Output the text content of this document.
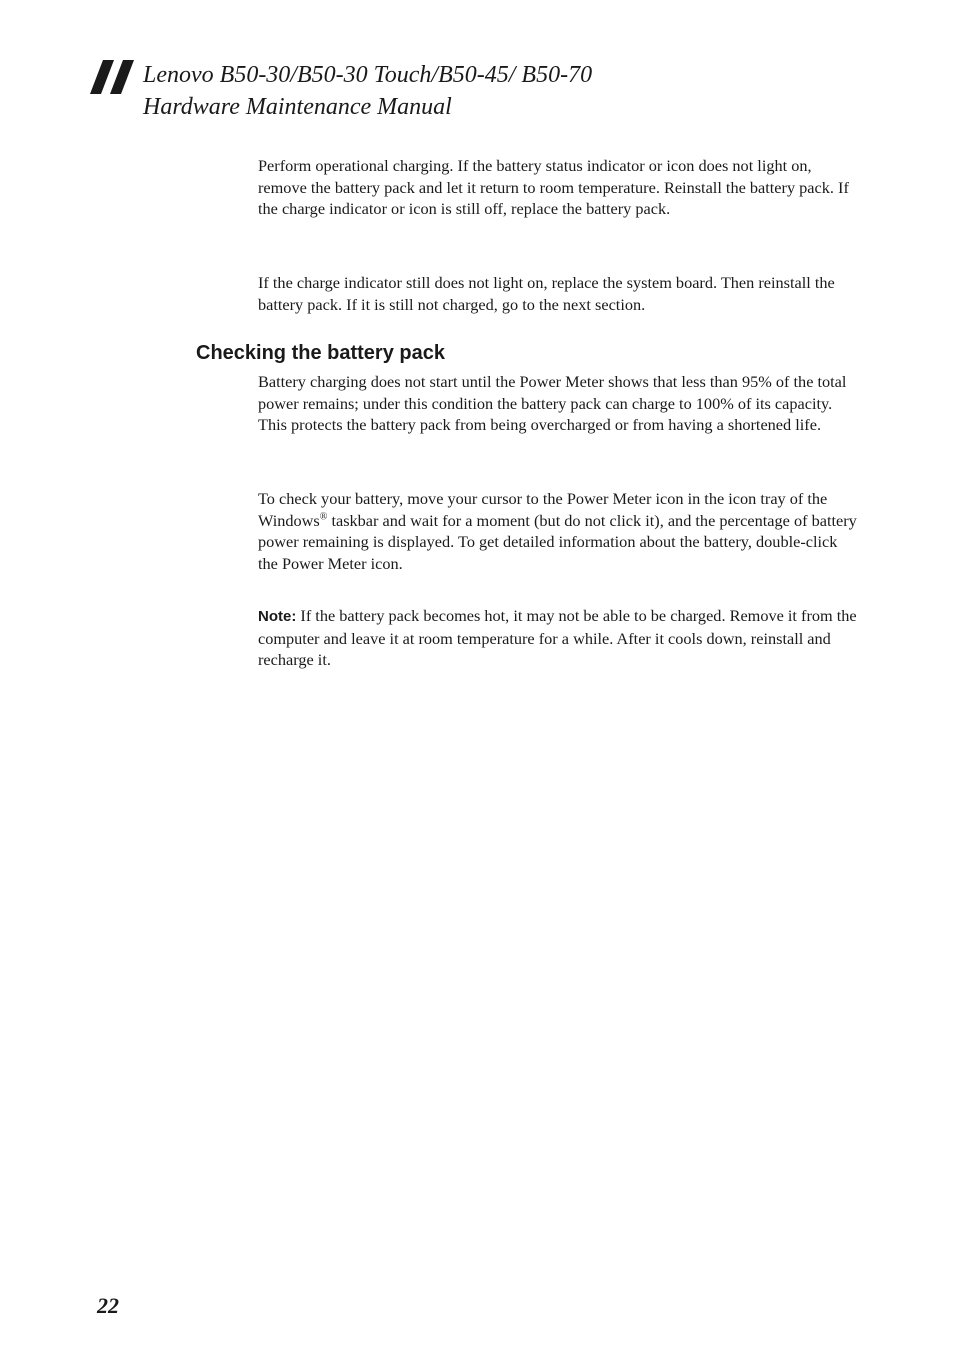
Lenovo B50-30/B50-30 Touch/B50-45/ B50-70
Hardware Maintenance Manual

Perform operational charging. If the battery status indicator or icon does not light on, remove the battery pack and let it return to room temperature. Reinstall the battery pack. If the charge indicator or icon is still off, replace the battery pack.

If the charge indicator still does not light on, replace the system board. Then reinstall the battery pack. If it is still not charged, go to the next section.

Checking the battery pack

Battery charging does not start until the Power Meter shows that less than 95% of the total power remains; under this condition the battery pack can charge to 100% of its capacity. This protects the battery pack from being overcharged or from having a shortened life.

To check your battery, move your cursor to the Power Meter icon in the icon tray of the Windows® taskbar and wait for a moment (but do not click it), and the percentage of battery power remaining is displayed. To get detailed information about the battery, double-click the Power Meter icon.

Note: If the battery pack becomes hot, it may not be able to be charged. Remove it from the computer and leave it at room temperature for a while. After it cools down, reinstall and recharge it.

22
